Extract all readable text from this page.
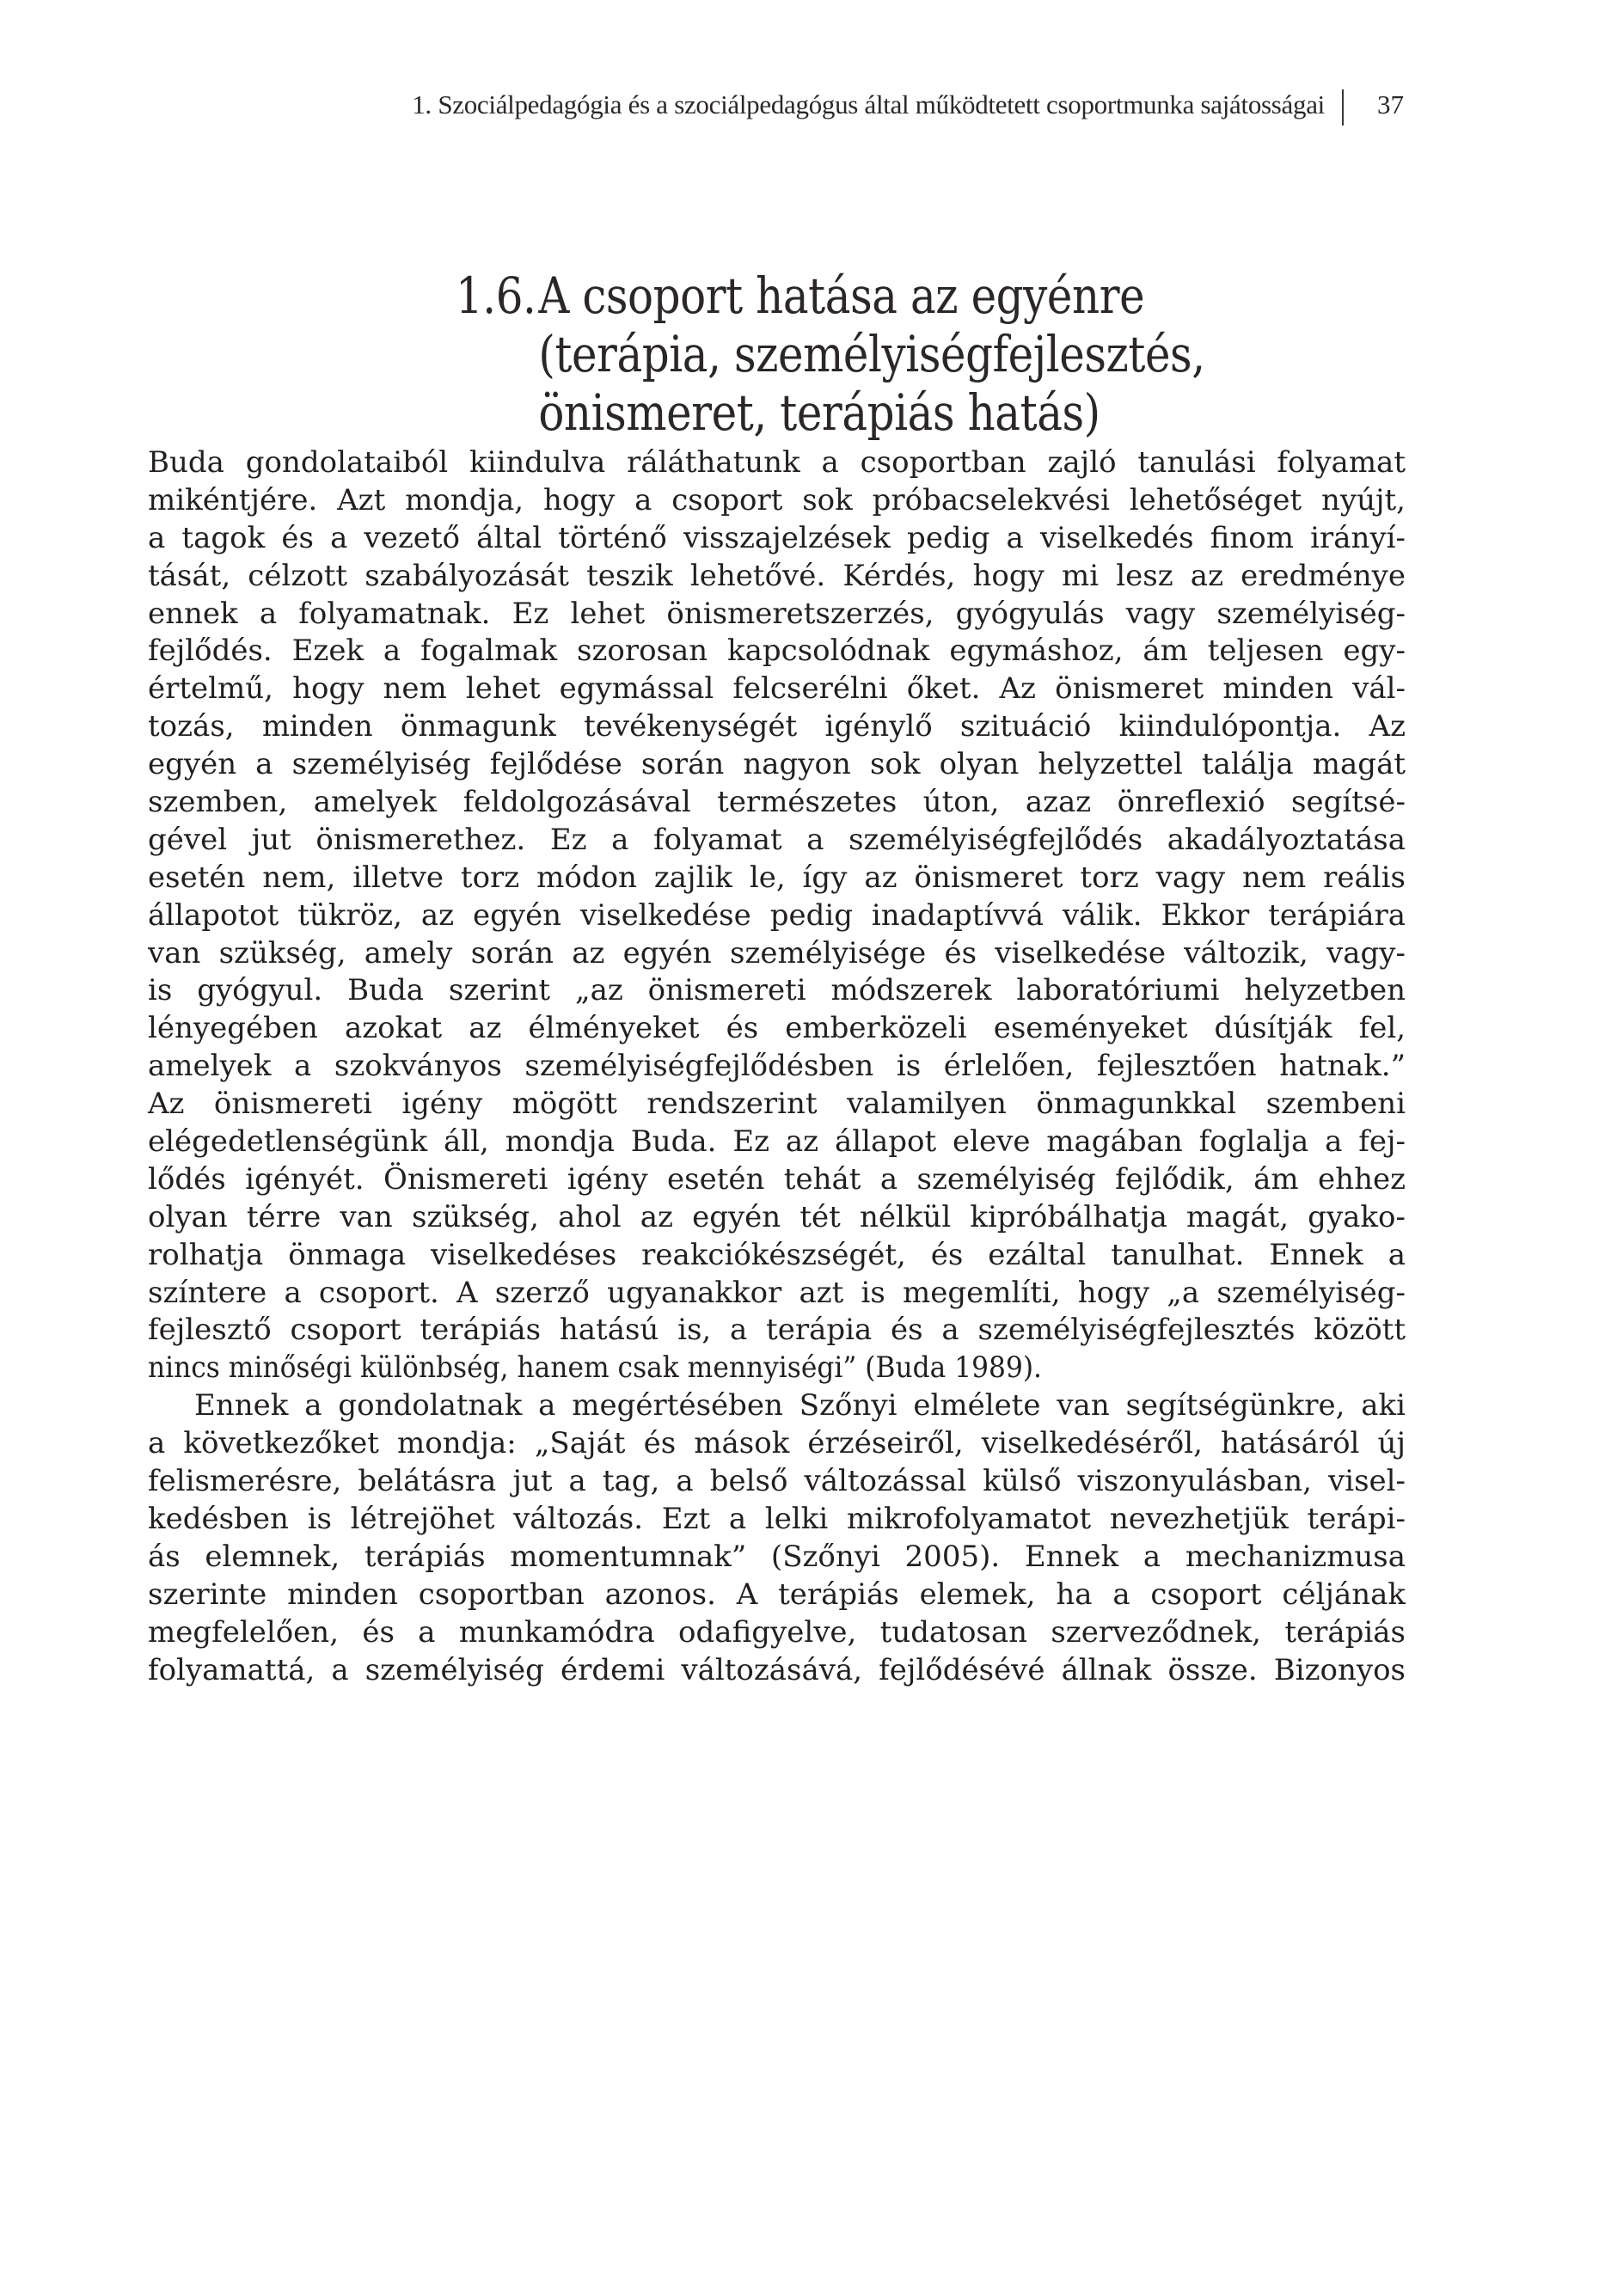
1. Szociálpedagógia és a szociálpedagógus által működtetett csoportmunka sajátosságai 37
1.6.A csoport hatása az egyénre
(terápia, személyiségfejlesztés,
önismeret, terápiás hatás)
Buda gondolataiból kiindulva ráláthatunk a csoportban zajló tanulási folyamat
mikéntjére. Azt mondja, hogy a csoport sok próbacselekvési lehetőséget nyújt,
a tagok és a vezető által történő visszajelzések pedig a viselkedés finom irányí-
tását, célzott szabályozását teszik lehetővé. Kérdés, hogy mi lesz az eredménye
ennek a folyamatnak. Ez lehet önismeretszerzés, gyógyulás vagy személyiség-
fejlődés. Ezek a fogalmak szorosan kapcsolódnak egymáshoz, ám teljesen egy-
értelmű, hogy nem lehet egymással felcserélni őket. Az önismeret minden vál-
tozás, minden önmagunk tevékenységét igénylő szituáció kiindulópontja. Az
egyén a személyiség fejlődése során nagyon sok olyan helyzettel találja magát
szemben, amelyek feldolgozásával természetes úton, azaz önreflexió segítsé-
gével jut önismerethez. Ez a folyamat a személyiségfejlődés akadályoztatása
esetén nem, illetve torz módon zajlik le, így az önismeret torz vagy nem reális
állapotot tükröz, az egyén viselkedése pedig inadaptívvá válik. Ekkor terápiára
van szükség, amely során az egyén személyisége és viselkedése változik, vagy-
is gyógyul. Buda szerint „az önismereti módszerek laboratóriumi helyzetben
lényegében azokat az élményeket és emberközeli eseményeket dúsítják fel,
amelyek a szokványos személyiségfejlődésben is érlelően, fejlesztően hatnak.”
Az önismereti igény mögött rendszerint valamilyen önmagunkkal szembeni
elégedetlenségünk áll, mondja Buda. Ez az állapot eleve magában foglalja a fej-
lődés igényét. Önismereti igény esetén tehát a személyiség fejlődik, ám ehhez
olyan térre van szükség, ahol az egyén tét nélkül kipróbálhatja magát, gyako-
rolhatja önmaga viselkedéses reakciókészségét, és ezáltal tanulhat. Ennek a
színtere a csoport. A szerző ugyanakkor azt is megemlíti, hogy „a személyiség-
fejlesztő csoport terápiás hatású is, a terápia és a személyiségfejlesztés között
nincs minőségi különbség, hanem csak mennyiségi” (Buda 1989).
Ennek a gondolatnak a megértésében Szőnyi elmélete van segítségünkre, aki
a következőket mondja: „Saját és mások érzéseiről, viselkedéséről, hatásáról új
felismerésre, belátásra jut a tag, a belső változással külső viszonyulásban, visel-
kedésben is létrejöhet változás. Ezt a lelki mikrofolyamatot nevezhetjük terápi-
ás elemnek, terápiás momentumnak” (Szőnyi 2005). Ennek a mechanizmusa
szerinte minden csoportban azonos. A terápiás elemek, ha a csoport céljának
megfelelően, és a munkamódra odafigyelve, tudatosan szerveződnek, terápiás
folyamattá, a személyiség érdemi változásává, fejlődésévé állnak össze. Bizonyos
